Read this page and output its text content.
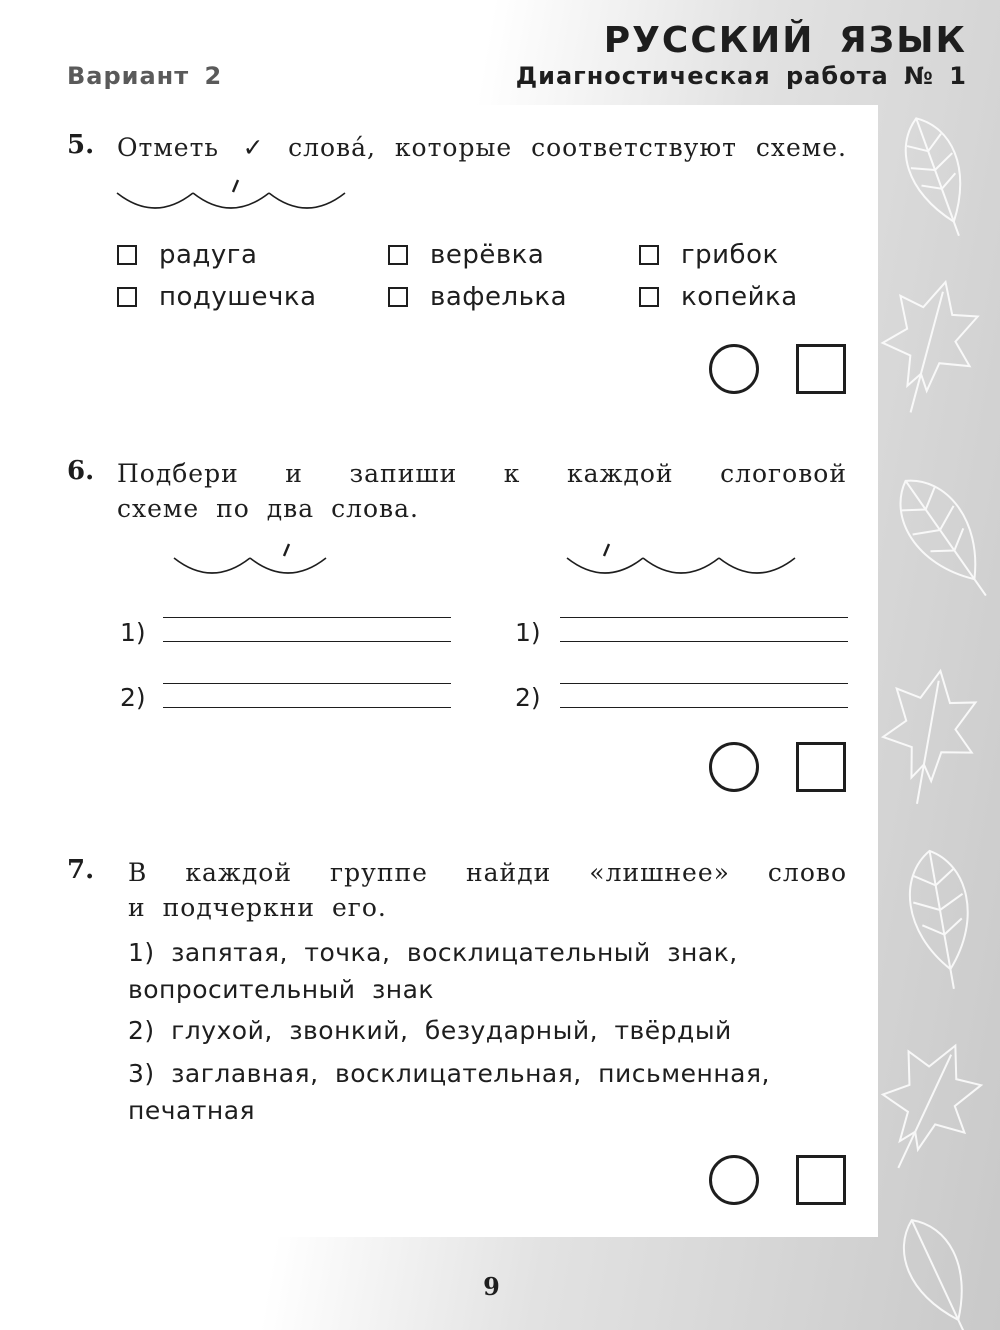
Вариант 2
РУССКИЙ ЯЗЫК
Диагностическая работа № 1
5. Отметь ✓ слова́, которые соответствуют схеме.
радуга	верёвка	грибок
подушечка	вафелька	копейка
6. Подбери и запиши к каждой слоговой
схеме по два слова.
1)
2)
1)
2)
7. В каждой группе найди «лишнее» слово
и подчеркни его.
1) запятая, точка, восклицательный знак,
вопросительный знак
2) глухой, звонкий, безударный, твёрдый
3) заглавная, восклицательная, письменная,
печатная
9
